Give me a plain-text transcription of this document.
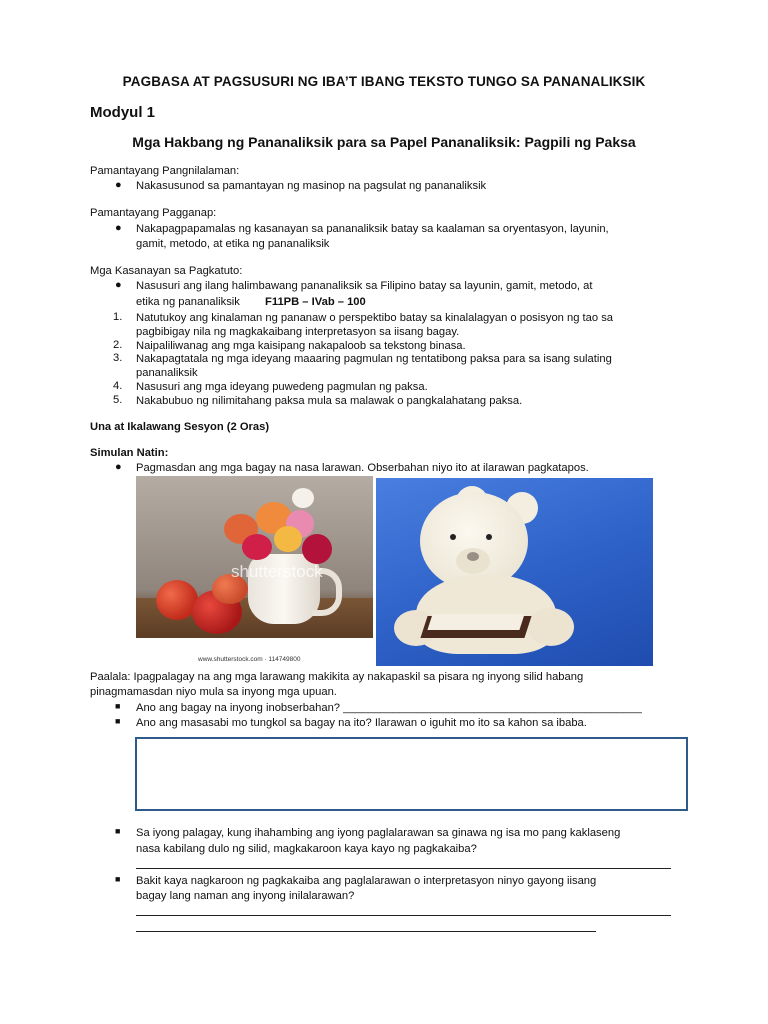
PAGBASA AT PAGSUSURI NG IBA’T IBANG TEKSTO TUNGO SA PANANALIKSIK
Modyul 1
Mga Hakbang ng Pananaliksik para sa Papel Pananaliksik: Pagpili ng Paksa
Pamantayang Pangnilalaman:
● Nakasusunod sa pamantayan ng masinop na pagsulat ng pananaliksik
Pamantayang Pagganap:
● Nakapagpapamalas ng kasanayan sa pananaliksik batay sa kaalaman sa oryentasyon, layunin,
gamit, metodo, at etika ng pananaliksik
Mga Kasanayan sa Pagkatuto:
● Nasusuri ang ilang halimbawang pananaliksik sa Filipino batay sa layunin, gamit, metodo, at
etika ng pananaliksik F11PB – IVab – 100
1. Natutukoy ang kinalaman ng pananaw o perspektibo batay sa kinalalagyan o posisyon ng tao sa
pagbibigay nila ng magkakaibang interpretasyon sa iisang bagay.
2. Naipaliliwanag ang mga kaisipang nakapaloob sa tekstong binasa.
3. Nakapagtatala ng mga ideyang maaaring pagmulan ng tentatibong paksa para sa isang sulating
pananaliksik
4. Nasusuri ang mga ideyang puwedeng pagmulan ng paksa.
5. Nakabubuo ng nilimitahang paksa mula sa malawak o pangkalahatang paksa.
Una at Ikalawang Sesyon (2 Oras)
Simulan Natin:
● Pagmasdan ang mga bagay na nasa larawan. Obserbahan niyo ito at ilarawan pagkatapos.
shutterstock
www.shutterstock.com · 114749800
Paalala: Ipagpalagay na ang mga larawang makikita ay nakapaskil sa pisara ng inyong silid habang
pinagmamasdan niyo mula sa inyong mga upuan.
■ Ano ang bagay na inyong inobserbahan? ________________________________________________
■ Ano ang masasabi mo tungkol sa bagay na ito? Ilarawan o iguhit mo ito sa kahon sa ibaba.
■ Sa iyong palagay, kung ihahambing ang iyong paglalarawan sa ginawa ng isa mo pang kaklaseng
nasa kabilang dulo ng silid, magkakaroon kaya kayo ng pagkakaiba?
■ Bakit kaya nagkaroon ng pagkakaiba ang paglalarawan o interpretasyon ninyo gayong iisang
bagay lang naman ang inyong inilalarawan?
